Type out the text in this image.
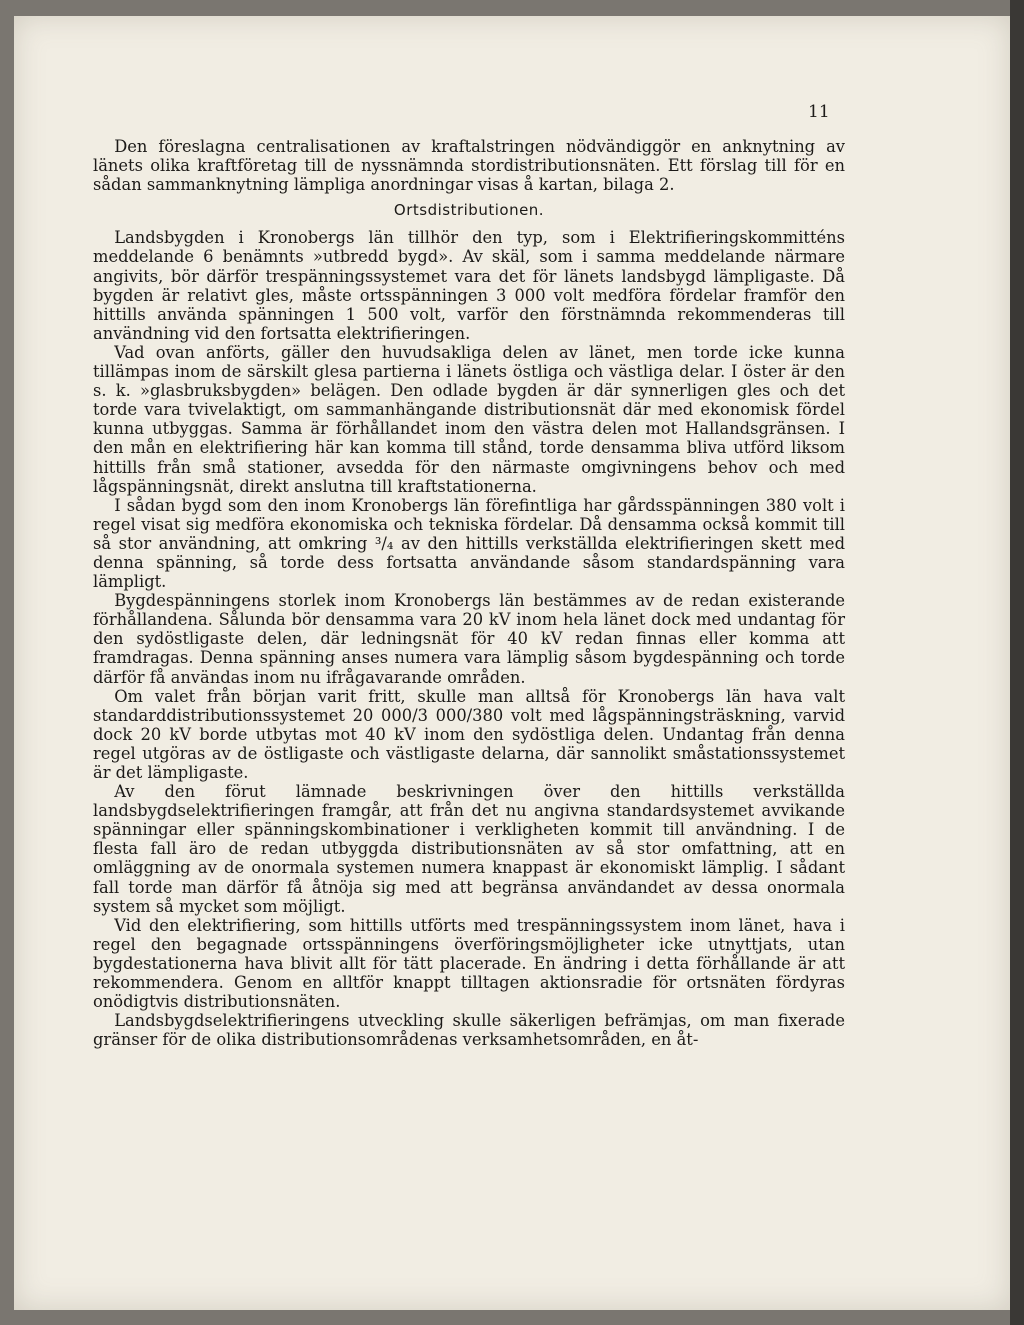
11

Den föreslagna centralisationen av kraftalstringen nödvändiggör en anknytning av länets olika kraftföretag till de nyssnämnda stordistributionsnäten. Ett förslag till för en sådan sammanknytning lämpliga anordningar visas å kartan, bilaga 2.

Ortsdistributionen.

Landsbygden i Kronobergs län tillhör den typ, som i Elektrifieringskommitténs meddelande 6 benämnts »utbredd bygd». Av skäl, som i samma meddelande närmare angivits, bör därför trespänningssystemet vara det för länets landsbygd lämpligaste. Då bygden är relativt gles, måste ortsspänningen 3 000 volt medföra fördelar framför den hittills använda spänningen 1 500 volt, varför den förstnämnda rekommenderas till användning vid den fortsatta elektrifieringen.

Vad ovan anförts, gäller den huvudsakliga delen av länet, men torde icke kunna tillämpas inom de särskilt glesa partierna i länets östliga och västliga delar. I öster är den s. k. »glasbruksbygden» belägen. Den odlade bygden är där synnerligen gles och det torde vara tvivelaktigt, om sammanhängande distributionsnät där med ekonomisk fördel kunna utbyggas. Samma är förhållandet inom den västra delen mot Hallandsgränsen. I den mån en elektrifiering här kan komma till stånd, torde densamma bliva utförd liksom hittills från små stationer, avsedda för den närmaste omgivningens behov och med lågspänningsnät, direkt anslutna till kraftstationerna.

I sådan bygd som den inom Kronobergs län förefintliga har gårdsspänningen 380 volt i regel visat sig medföra ekonomiska och tekniska fördelar. Då densamma också kommit till så stor användning, att omkring ³/₄ av den hittills verkställda elektrifieringen skett med denna spänning, så torde dess fortsatta användande såsom standardspänning vara lämpligt.

Bygdespänningens storlek inom Kronobergs län bestämmes av de redan existerande förhållandena. Sålunda bör densamma vara 20 kV inom hela länet dock med undantag för den sydöstligaste delen, där ledningsnät för 40 kV redan finnas eller komma att framdragas. Denna spänning anses numera vara lämplig såsom bygdespänning och torde därför få användas inom nu ifrågavarande områden.

Om valet från början varit fritt, skulle man alltså för Kronobergs län hava valt standarddistributionssystemet 20 000/3 000/380 volt med lågspänningsträskning, varvid dock 20 kV borde utbytas mot 40 kV inom den sydöstliga delen. Undantag från denna regel utgöras av de östligaste och västligaste delarna, där sannolikt småstationssystemet är det lämpligaste.

Av den förut lämnade beskrivningen över den hittills verkställda landsbygdselektrifieringen framgår, att från det nu angivna standardsystemet avvikande spänningar eller spänningskombinationer i verkligheten kommit till användning. I de flesta fall äro de redan utbyggda distributionsnäten av så stor omfattning, att en omläggning av de onormala systemen numera knappast är ekonomiskt lämplig. I sådant fall torde man därför få åtnöja sig med att begränsa användandet av dessa onormala system så mycket som möjligt.

Vid den elektrifiering, som hittills utförts med trespänningssystem inom länet, hava i regel den begagnade ortsspänningens överföringsmöjligheter icke utnyttjats, utan bygdestationerna hava blivit allt för tätt placerade. En ändring i detta förhållande är att rekommendera. Genom en alltför knappt tilltagen aktionsradie för ortsnäten fördyras onödigtvis distributionsnäten.

Landsbygdselektrifieringens utveckling skulle säkerligen befrämjas, om man fixerade gränser för de olika distributionsområdenas verksamhetsområden, en åt-
